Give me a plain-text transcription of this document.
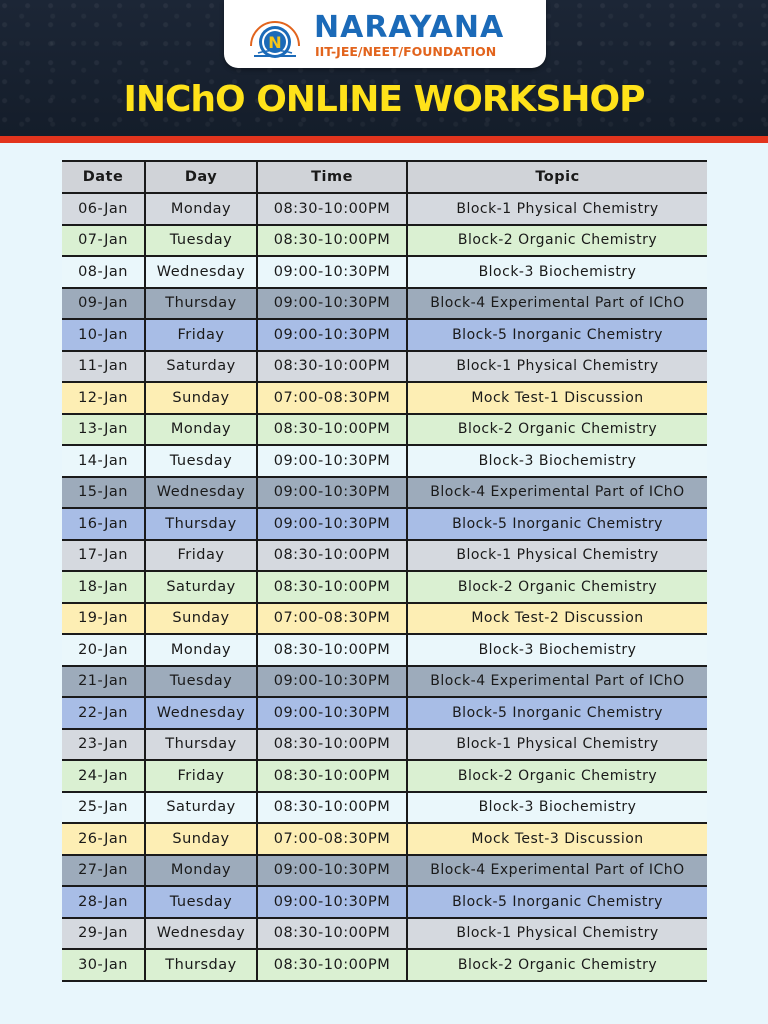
N NARAYANA
IIT-JEE/NEET/FOUNDATION
INChO ONLINE WORKSHOP
Date	Day	Time	Topic
06-Jan	Monday	08:30-10:00PM	Block-1 Physical Chemistry
07-Jan	Tuesday	08:30-10:00PM	Block-2 Organic Chemistry
08-Jan	Wednesday	09:00-10:30PM	Block-3 Biochemistry
09-Jan	Thursday	09:00-10:30PM	Block-4 Experimental Part of IChO
10-Jan	Friday	09:00-10:30PM	Block-5 Inorganic Chemistry
11-Jan	Saturday	08:30-10:00PM	Block-1 Physical Chemistry
12-Jan	Sunday	07:00-08:30PM	Mock Test-1 Discussion
13-Jan	Monday	08:30-10:00PM	Block-2 Organic Chemistry
14-Jan	Tuesday	09:00-10:30PM	Block-3 Biochemistry
15-Jan	Wednesday	09:00-10:30PM	Block-4 Experimental Part of IChO
16-Jan	Thursday	09:00-10:30PM	Block-5 Inorganic Chemistry
17-Jan	Friday	08:30-10:00PM	Block-1 Physical Chemistry
18-Jan	Saturday	08:30-10:00PM	Block-2 Organic Chemistry
19-Jan	Sunday	07:00-08:30PM	Mock Test-2 Discussion
20-Jan	Monday	08:30-10:00PM	Block-3 Biochemistry
21-Jan	Tuesday	09:00-10:30PM	Block-4 Experimental Part of IChO
22-Jan	Wednesday	09:00-10:30PM	Block-5 Inorganic Chemistry
23-Jan	Thursday	08:30-10:00PM	Block-1 Physical Chemistry
24-Jan	Friday	08:30-10:00PM	Block-2 Organic Chemistry
25-Jan	Saturday	08:30-10:00PM	Block-3 Biochemistry
26-Jan	Sunday	07:00-08:30PM	Mock Test-3 Discussion
27-Jan	Monday	09:00-10:30PM	Block-4 Experimental Part of IChO
28-Jan	Tuesday	09:00-10:30PM	Block-5 Inorganic Chemistry
29-Jan	Wednesday	08:30-10:00PM	Block-1 Physical Chemistry
30-Jan	Thursday	08:30-10:00PM	Block-2 Organic Chemistry
